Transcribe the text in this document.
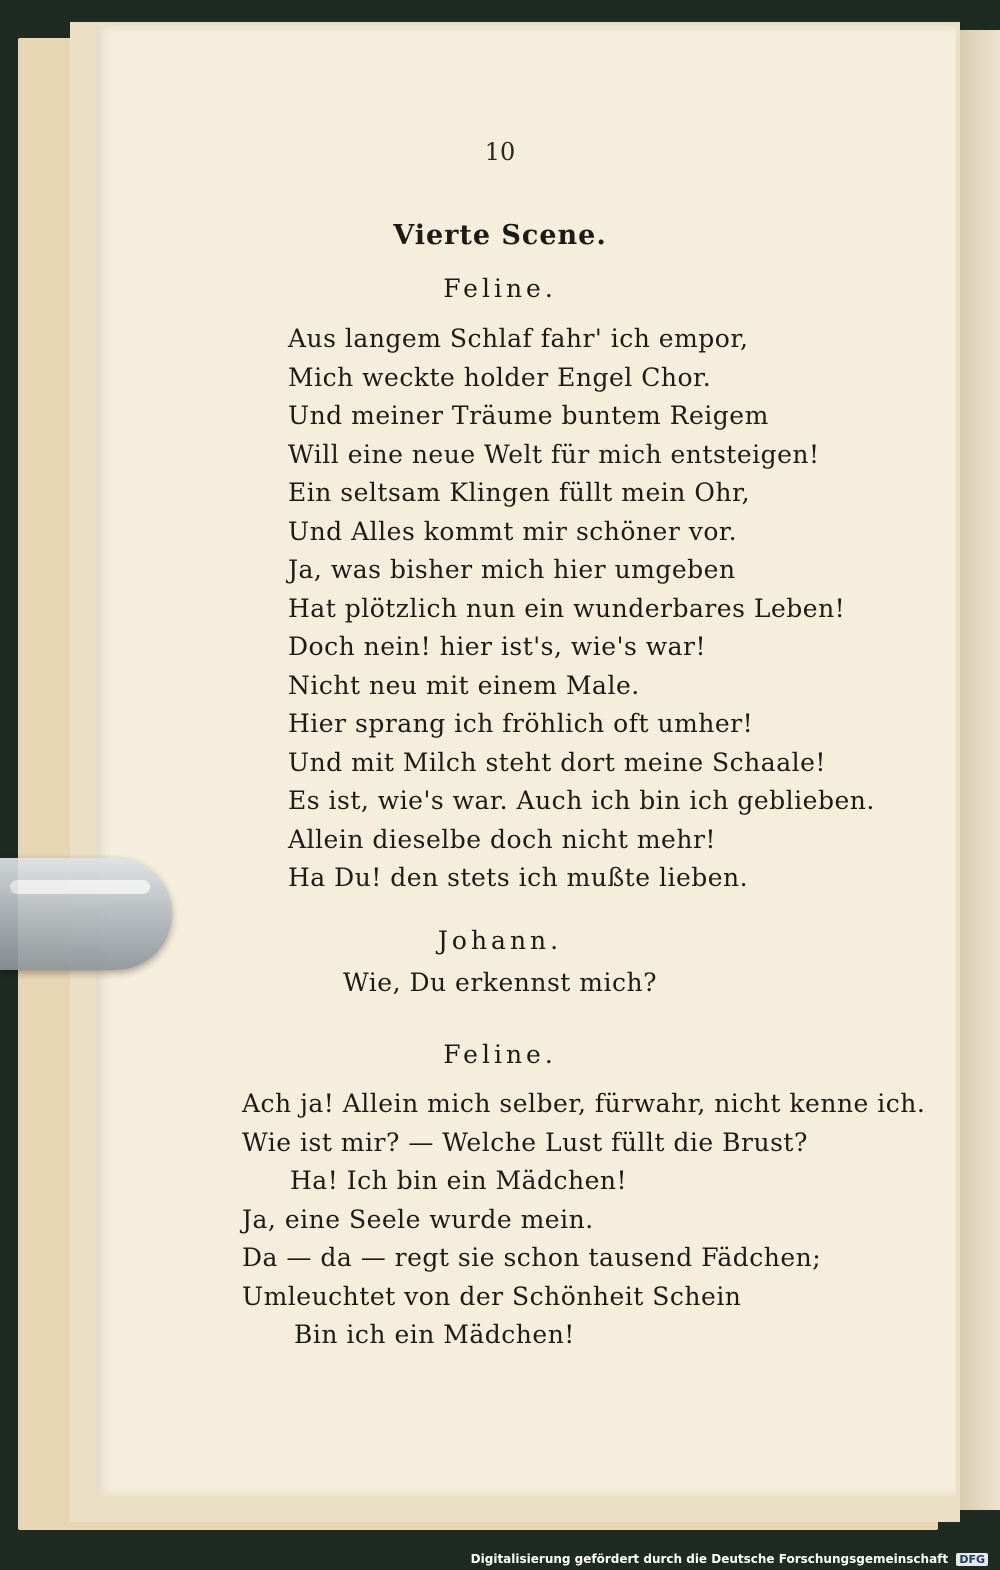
10
Vierte Scene.
Feline.
Aus langem Schlaf fahr' ich empor,
Mich weckte holder Engel Chor.
Und meiner Träume buntem Reigem
Will eine neue Welt für mich entsteigen!
Ein seltsam Klingen füllt mein Ohr,
Und Alles kommt mir schöner vor.
Ja, was bisher mich hier umgeben
Hat plötzlich nun ein wunderbares Leben!
Doch nein! hier ist's, wie's war!
Nicht neu mit einem Male.
Hier sprang ich fröhlich oft umher!
Und mit Milch steht dort meine Schaale!
Es ist, wie's war. Auch ich bin ich geblieben.
Allein dieselbe doch nicht mehr!
Ha Du! den stets ich mußte lieben.
Johann.
Wie, Du erkennst mich?
Feline.
Ach ja! Allein mich selber, fürwahr, nicht kenne ich.
Wie ist mir? — Welche Lust füllt die Brust?
Ha! Ich bin ein Mädchen!
Ja, eine Seele wurde mein.
Da — da — regt sie schon tausend Fädchen;
Umleuchtet von der Schönheit Schein
Bin ich ein Mädchen!
Digitalisierung gefördert durch die Deutsche Forschungsgemeinschaft DFG
